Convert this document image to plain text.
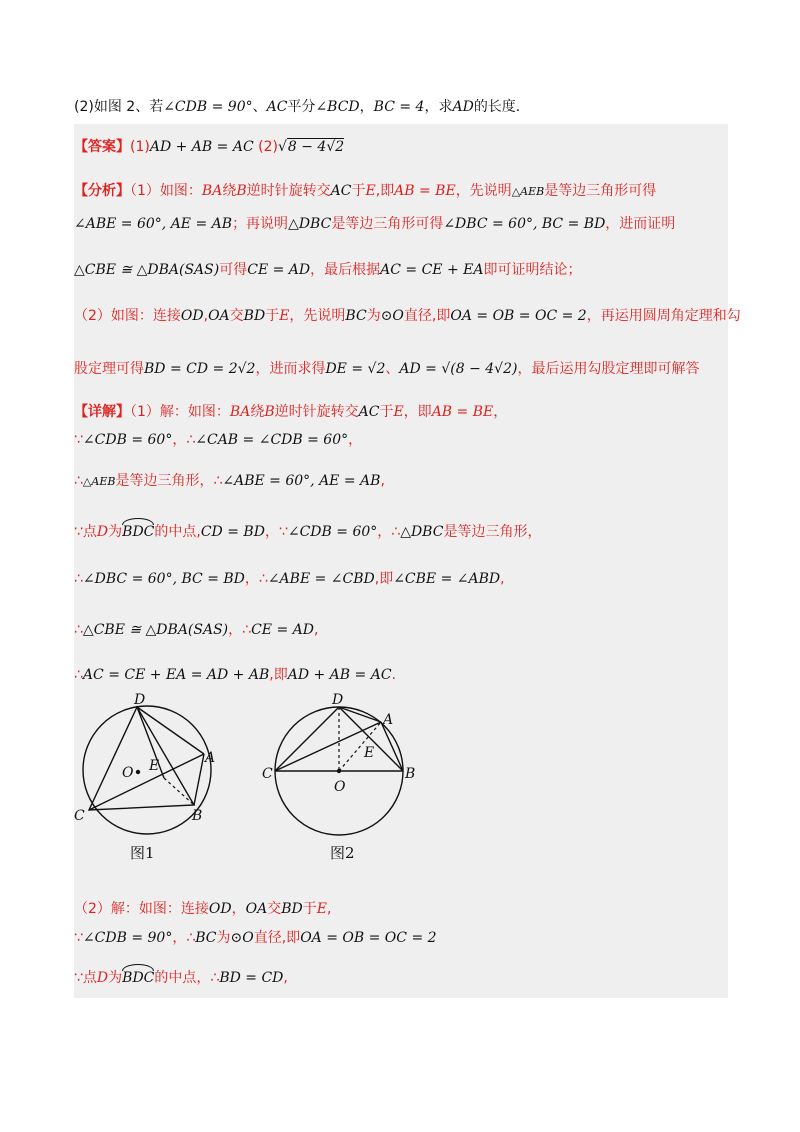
(2)如图 2、若∠CDB = 90°、AC平分∠BCD，BC = 4，求AD的长度.
【答案】(1)AD + AB = AC (2)√8 − 4√2
【分析】（1）如图：BA绕B逆时针旋转交AC于E,即AB = BE，先说明△AEB是等边三角形可得
∠ABE = 60°, AE = AB；再说明△DBC是等边三角形可得∠DBC = 60°, BC = BD，进而证明
△CBE ≅ △DBA(SAS)可得CE = AD，最后根据AC = CE + EA即可证明结论；
（2）如图：连接OD,OA交BD于E，先说明BC为⊙O直径,即OA = OB = OC = 2，再运用圆周角定理和勾
股定理可得BD = CD = 2√2，进而求得DE = √2、AD = √(8 − 4√2)，最后运用勾股定理即可解答
【详解】（1）解：如图：BA绕B逆时针旋转交AC于E，即AB = BE，
∵∠CDB = 60°，∴∠CAB = ∠CDB = 60°，
∴△AEB是等边三角形，∴∠ABE = 60°, AE = AB,
∵点D为
BDC的中点,CD = BD，∵∠CDB = 60°，∴△DBC是等边三角形，
∴∠DBC = 60°, BC = BD，∴∠ABE = ∠CBD,即∠CBE = ∠ABD,
∴△CBE ≅ △DBA(SAS)，∴CE = AD,
∴AC = CE + EA = AD + AB,即AD + AB = AC.
D
A
O E
C	B
图1
D
A
E
C
O
B
图2
（2）解：如图：连接OD，OA交BD于E,
∵∠CDB = 90°，∴BC为⊙O直径,即OA = OB = OC = 2
∵点D为
BDC的中点，∴BD = CD,
